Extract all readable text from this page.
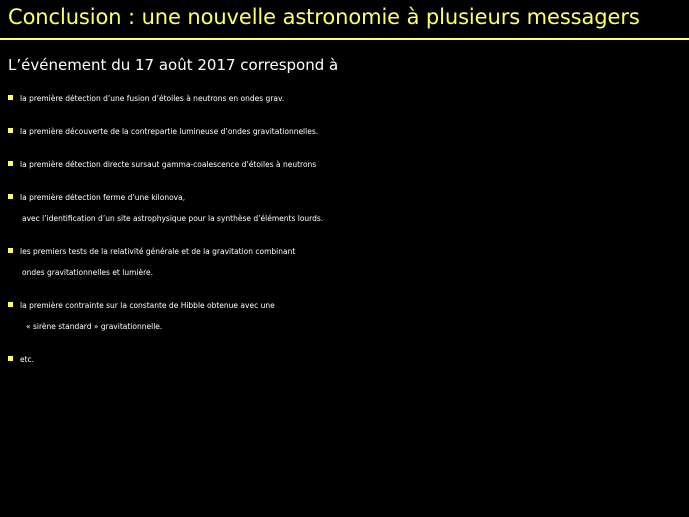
Conclusion : une nouvelle astronomie à plusieurs messagers
L’événement du 17 août 2017 correspond à
la première détection d’une fusion d’étoiles à neutrons en ondes grav.
la première découverte de la contrepartie lumineuse d’ondes gravitationnelles.
la première détection directe sursaut gamma-coalescence d’étoiles à neutrons
la première détection ferme d’une kilonova,
avec l’identification d’un site astrophysique pour la synthèse d’éléments lourds.
les premiers tests de la relativité générale et de la gravitation combinant
ondes gravitationnelles et lumière.
la première contrainte sur la constante de Hibble obtenue avec une
« sirène standard » gravitationnelle.
etc.
